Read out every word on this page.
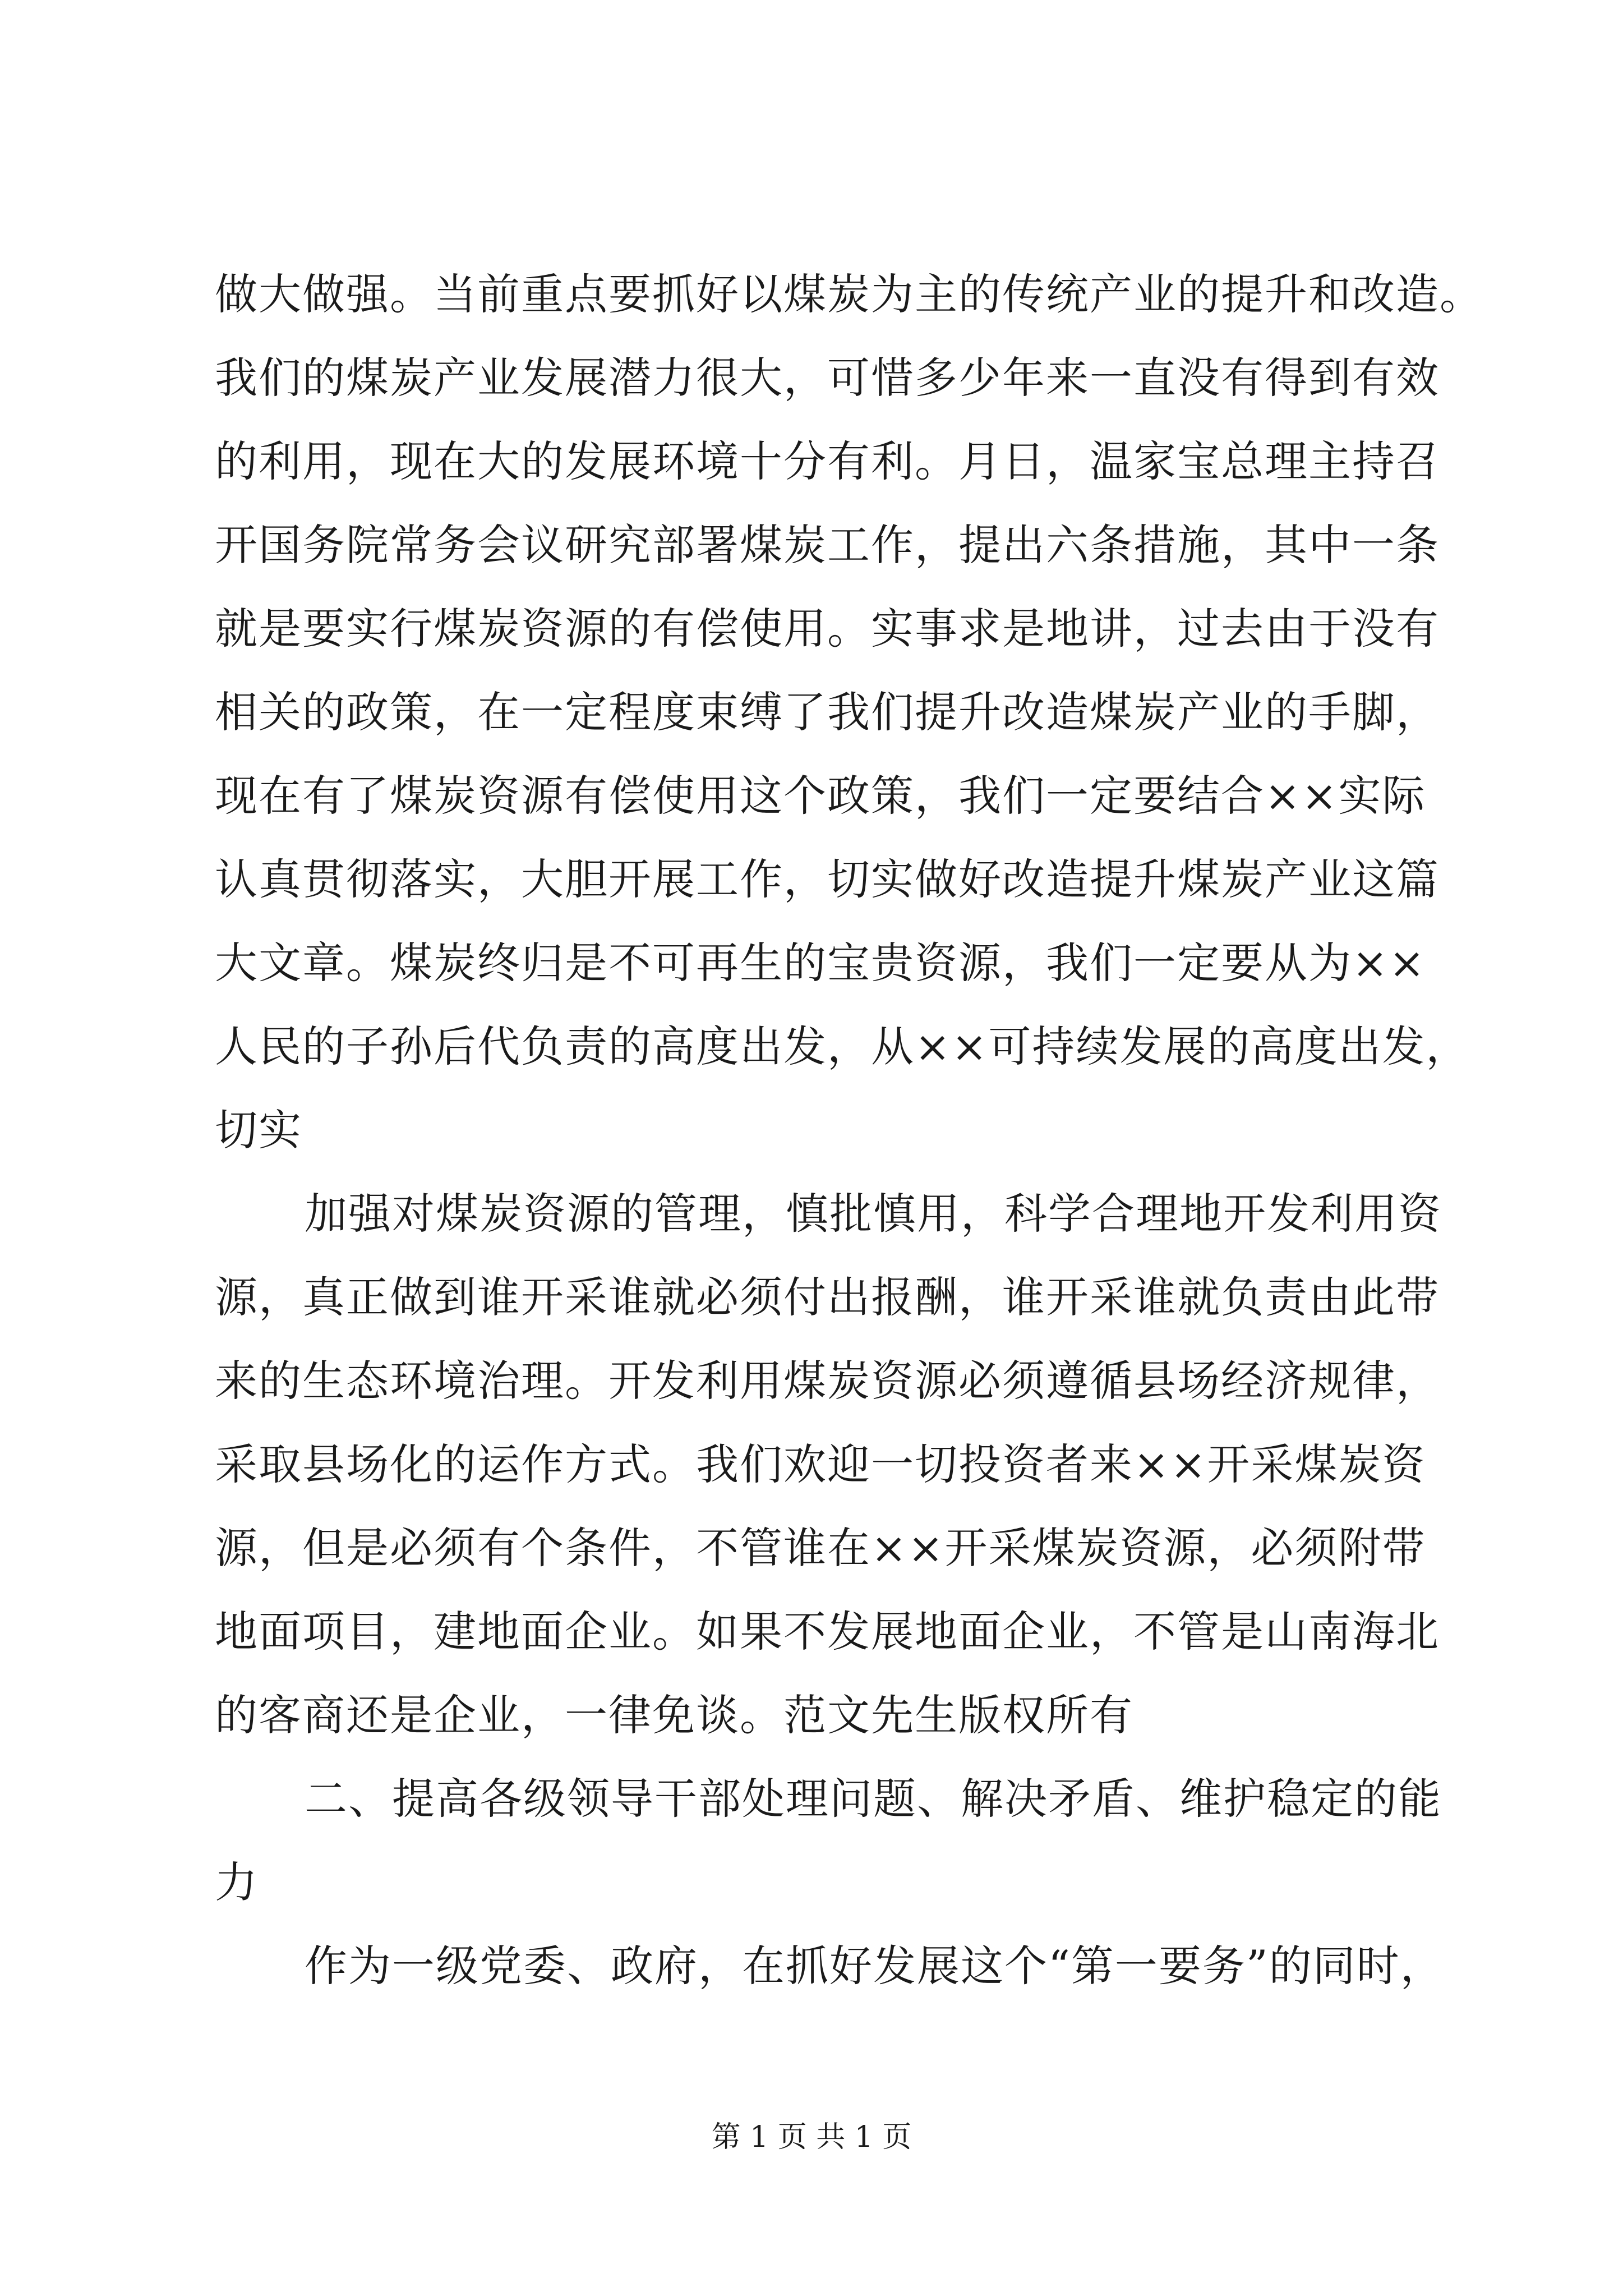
做大做强。当前重点要抓好以煤炭为主的传统产业的提升和改造。
我们的煤炭产业发展潜力很大，可惜多少年来一直没有得到有效
的利用，现在大的发展环境十分有利。月日，温家宝总理主持召
开国务院常务会议研究部署煤炭工作，提出六条措施，其中一条
就是要实行煤炭资源的有偿使用。实事求是地讲，过去由于没有
相关的政策，在一定程度束缚了我们提升改造煤炭产业的手脚，
现在有了煤炭资源有偿使用这个政策，我们一定要结合××实际
认真贯彻落实，大胆开展工作，切实做好改造提升煤炭产业这篇
大文章。煤炭终归是不可再生的宝贵资源，我们一定要从为××
人民的子孙后代负责的高度出发，从××可持续发展的高度出发，
切实
加强对煤炭资源的管理，慎批慎用，科学合理地开发利用资
源，真正做到谁开采谁就必须付出报酬，谁开采谁就负责由此带
来的生态环境治理。开发利用煤炭资源必须遵循县场经济规律，
采取县场化的运作方式。我们欢迎一切投资者来××开采煤炭资
源，但是必须有个条件，不管谁在××开采煤炭资源，必须附带
地面项目，建地面企业。如果不发展地面企业，不管是山南海北
的客商还是企业，一律免谈。范文先生版权所有
二、提高各级领导干部处理问题、解决矛盾、维护稳定的能
力
作为一级党委、政府，在抓好发展这个“第一要务”的同时，
第 1 页 共 1 页
